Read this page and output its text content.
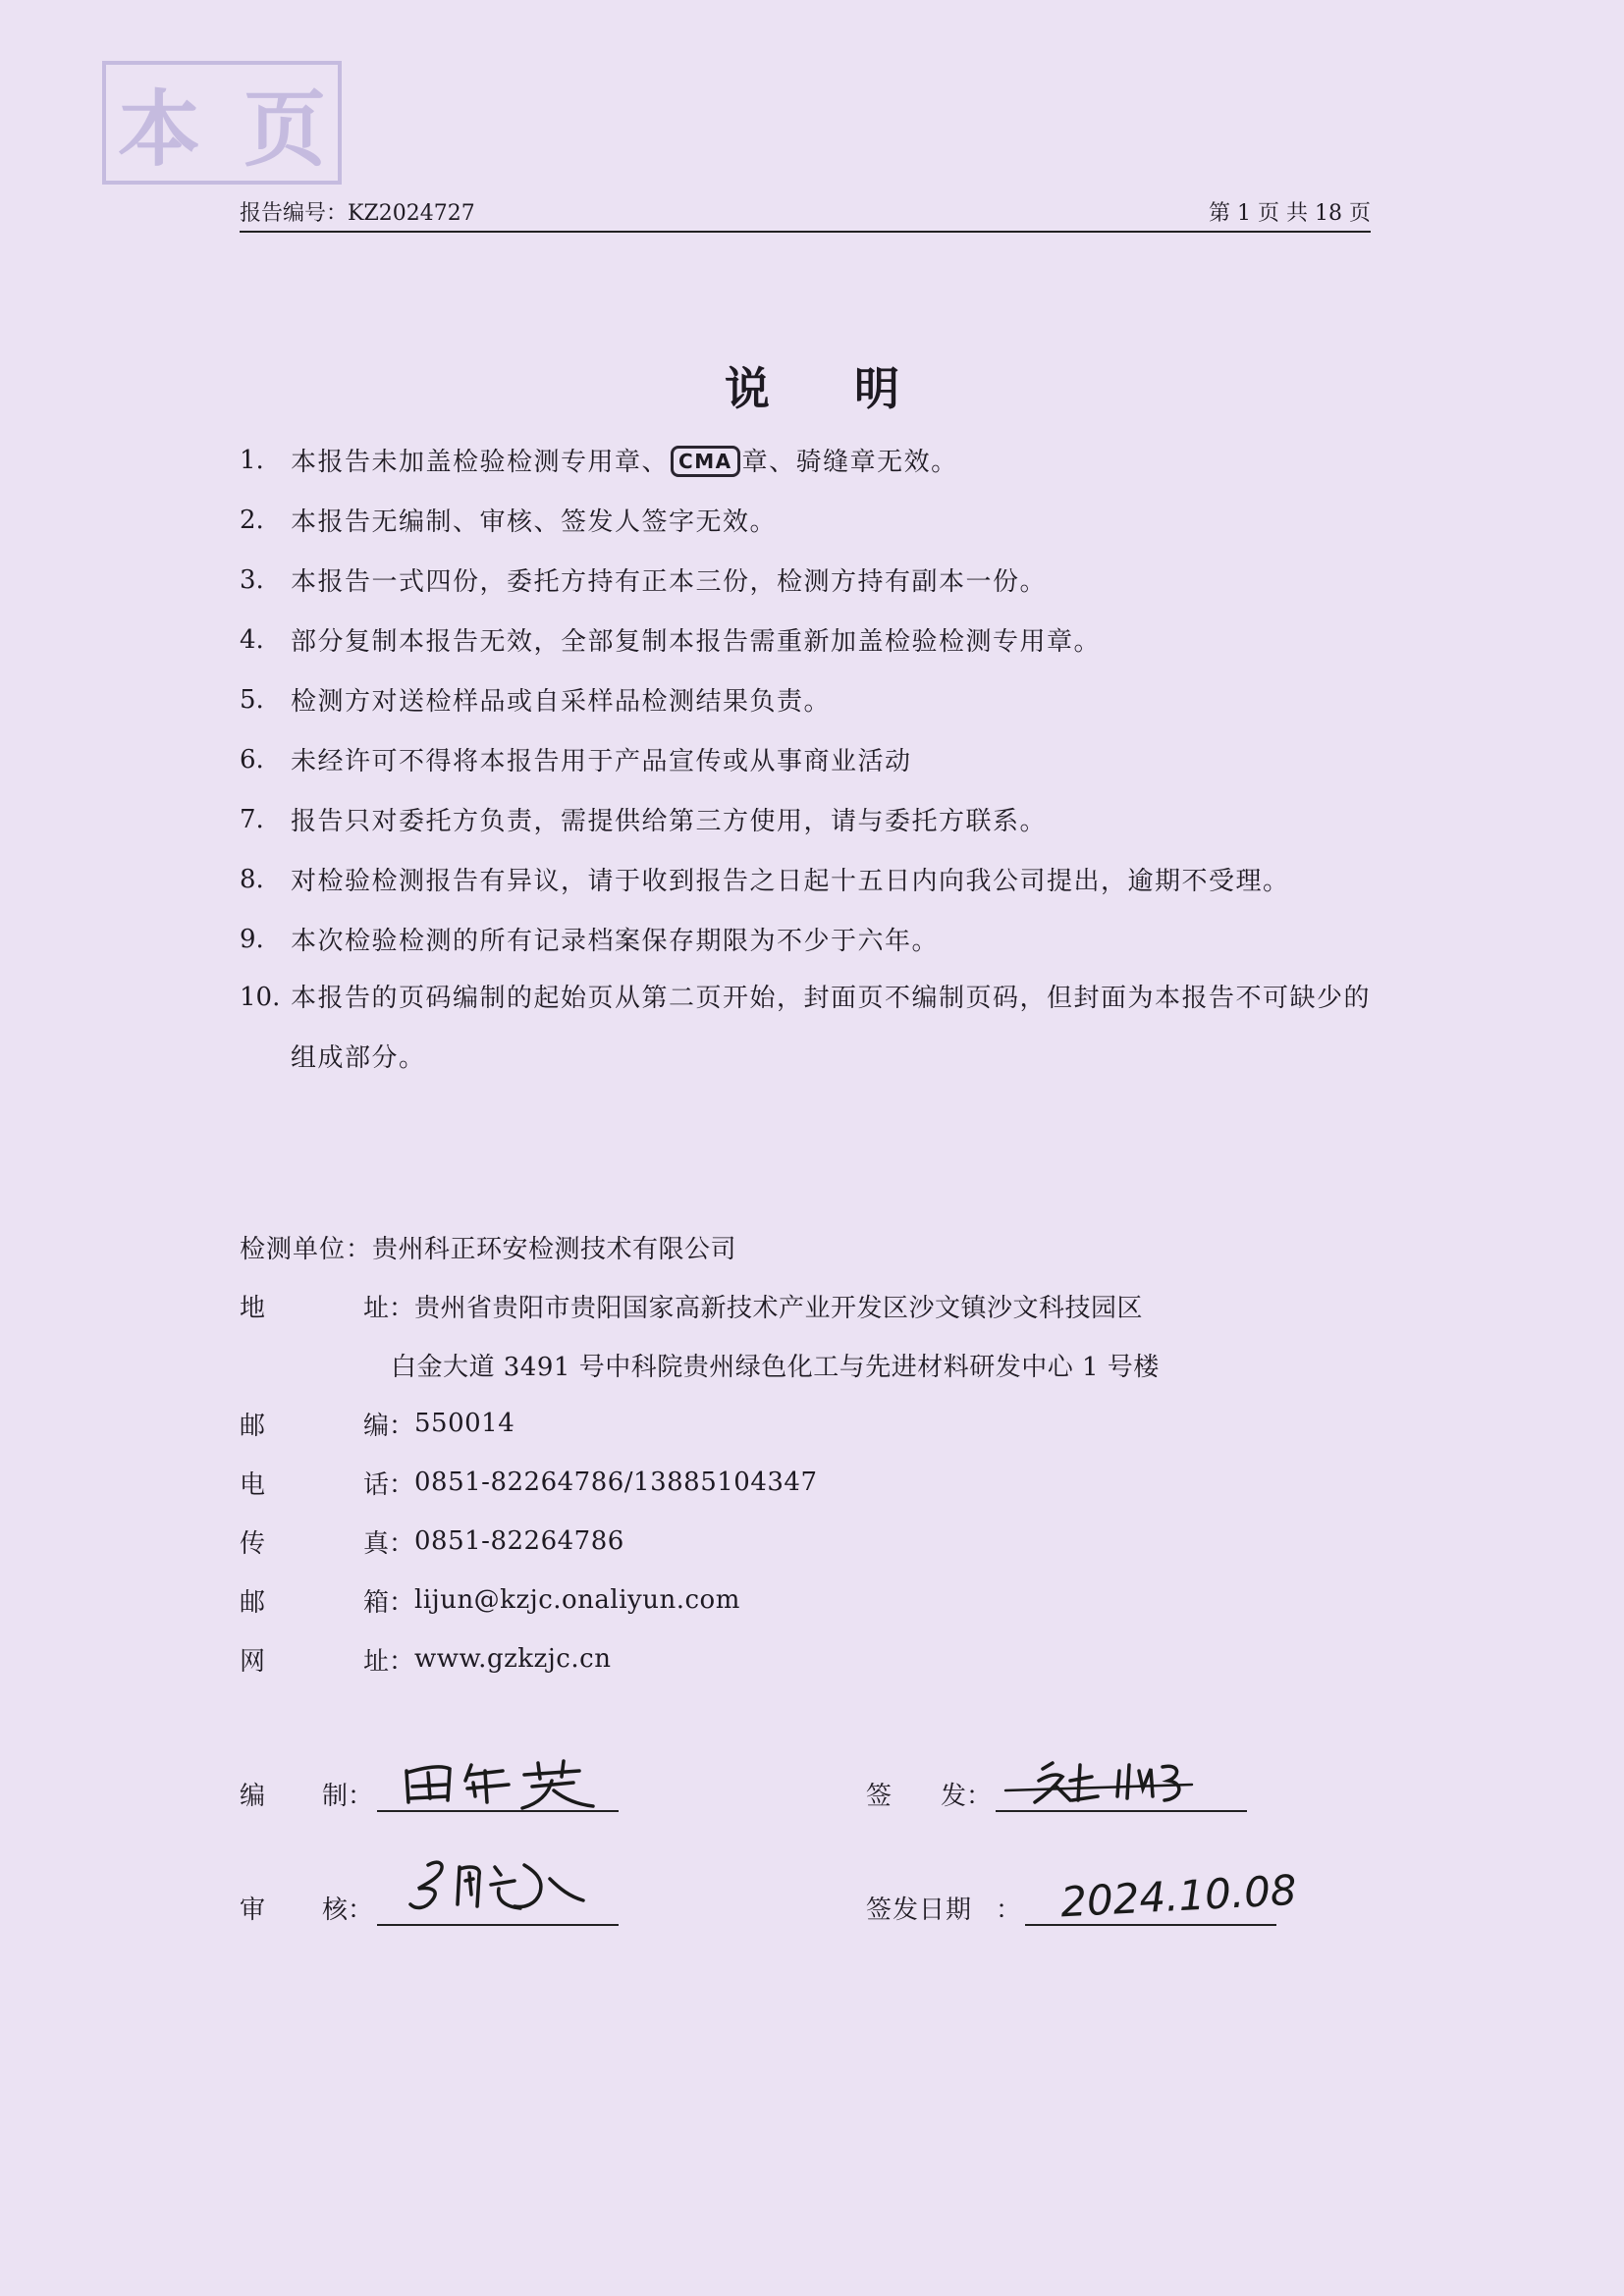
本 页
报告编号：KZ2024727	第 1 页 共 18 页
说明
1.	本报告未加盖检验检测专用章、 CMA 章、骑缝章无效。
2.	本报告无编制、审核、签发人签字无效。
3.	本报告一式四份，委托方持有正本三份，检测方持有副本一份。
4.	部分复制本报告无效，全部复制本报告需重新加盖检验检测专用章。
5.	检测方对送检样品或自采样品检测结果负责。
6.	未经许可不得将本报告用于产品宣传或从事商业活动
7.	报告只对委托方负责，需提供给第三方使用，请与委托方联系。
8.	对检验检测报告有异议，请于收到报告之日起十五日内向我公司提出，逾期不受理。
9.	本次检验检测的所有记录档案保存期限为不少于六年。
10. 本报告的页码编制的起始页从第二页开始，封面页不编制页码，但封面为本报告不可缺少的组成部分。
检测单位： 贵州科正环安检测技术有限公司
地	址 ： 贵州省贵阳市贵阳国家高新技术产业开发区沙文镇沙文科技园区
白金大道 3491 号中科院贵州绿色化工与先进材料研发中心 1 号楼
邮	编 ： 550014
电	话 ： 0851-82264786/13885104347
传	真 ： 0851-82264786
邮	箱 ： lijun@kzjc.onaliyun.com
网	址 ： www.gzkzjc.cn
编 制 ：	签 发 ：
审 核 ：	签发日期 ： 2024.10.08
